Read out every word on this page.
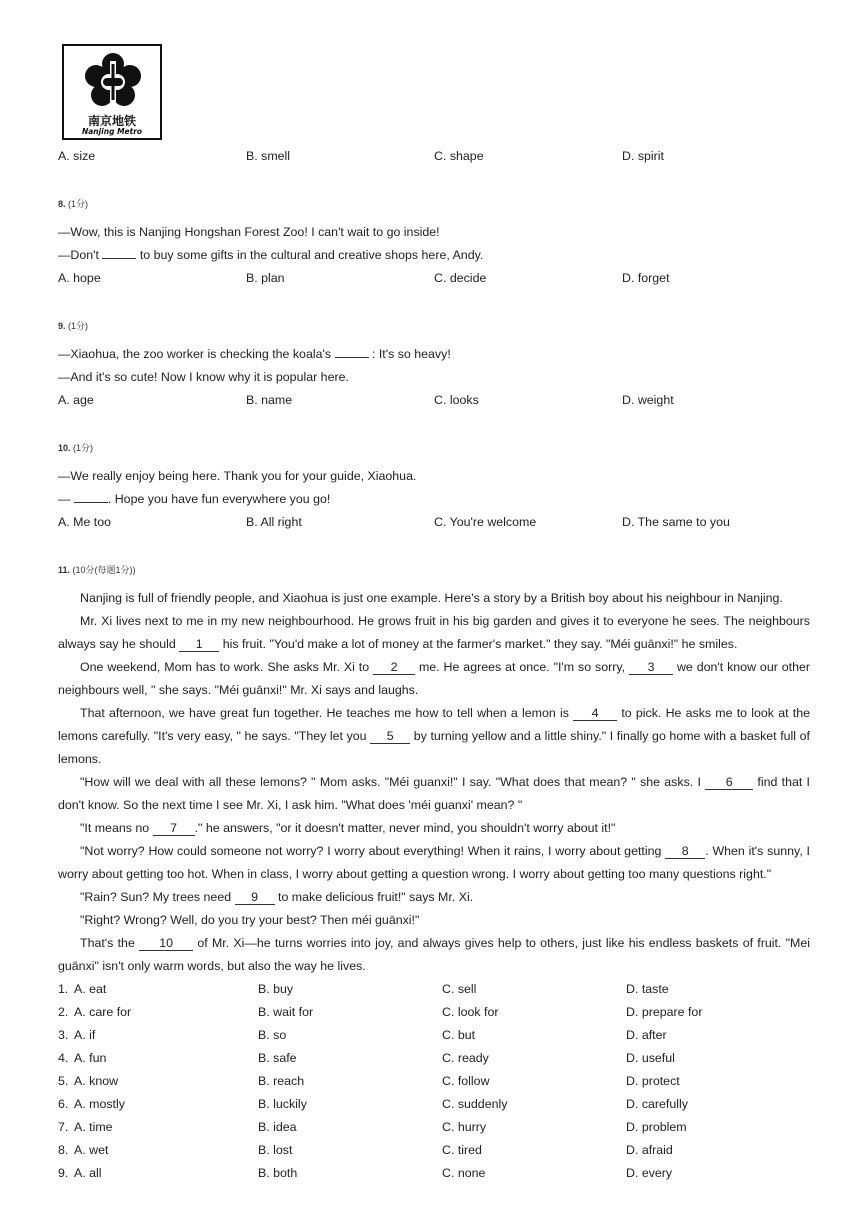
南京地铁
Nanjing Metro
A. size	B. smell	C. shape	D. spirit
8. (1分)
—Wow, this is Nanjing Hongshan Forest Zoo! I can't wait to go inside!
—Don't	to buy some gifts in the cultural and creative shops here, Andy.
A. hope	B. plan	C. decide	D. forget
9. (1分)
—Xiaohua, the zoo worker is checking the koala's	: It's so heavy!
—And it's so cute! Now I know why it is popular here.
A. age	B. name	C. looks	D. weight
10. (1分)
—We really enjoy being here. Thank you for your guide, Xiaohua.
—	. Hope you have fun everywhere you go!
A. Me too	B. All right	C. You're welcome	D. The same to you
11. (10分(每题1分))

Nanjing is full of friendly people, and Xiaohua is just one example. Here's a story by a British boy about his neighbour in Nanjing.

Mr. Xi lives next to me in my new neighbourhood. He grows fruit in his big garden and gives it to everyone he sees. The neighbours always say he should 1 his fruit. "You'd make a lot of money at the farmer's market." they say. "Méi guānxi!" he smiles.

One weekend, Mom has to work. She asks Mr. Xi to 2 me. He agrees at once. "I'm so sorry, 3 we don't know our other neighbours well, " she says. "Méi guānxi!" Mr. Xi says and laughs.

That afternoon, we have great fun together. He teaches me how to tell when a lemon is 4 to pick. He asks me to look at the lemons carefully. "It's very easy, " he says. "They let you 5 by turning yellow and a little shiny." I finally go home with a basket full of lemons.

"How will we deal with all these lemons? " Mom asks. "Méi guanxi!" I say. "What does that mean? " she asks. I 6 find that I don't know. So the next time I see Mr. Xi, I ask him. "What does 'méi guanxi' mean? "

"It means no 7 ." he answers, "or it doesn't matter, never mind, you shouldn't worry about it!"

"Not worry? How could someone not worry? I worry about everything! When it rains, I worry about getting 8 . When it's sunny, I worry about getting too hot. When in class, I worry about getting a question wrong. I worry about getting too many questions right."

"Rain? Sun? My trees need 9 to make delicious fruit!" says Mr. Xi.

"Right? Wrong? Well, do you try your best? Then méi guānxi!"

That's the 10 of Mr. Xi—he turns worries into joy, and always gives help to others, just like his endless baskets of fruit. "Mei guānxi" isn't only warm words, but also the way he lives.

1. A. eat	B. buy	C. sell	D. taste
2. A. care for	B. wait for	C. look for	D. prepare for
3. A. if	B. so	C. but	D. after
4. A. fun	B. safe	C. ready	D. useful
5. A. know	B. reach	C. follow	D. protect
6. A. mostly	B. luckily	C. suddenly	D. carefully
7. A. time	B. idea	C. hurry	D. problem
8. A. wet	B. lost	C. tired	D. afraid
9. A. all	B. both	C. none	D. every
